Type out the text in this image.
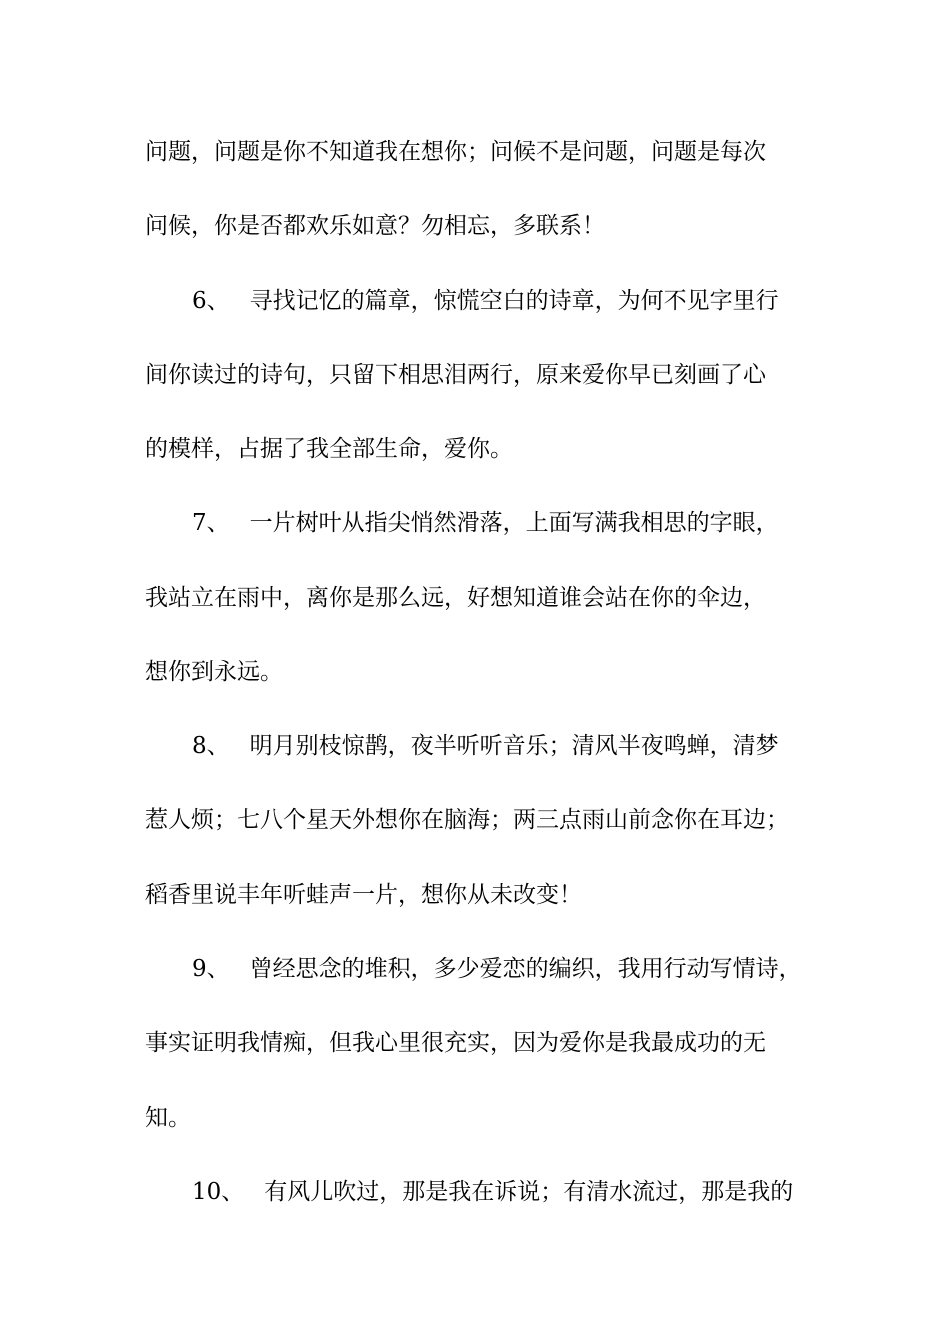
问题，问题是你不知道我在想你；问候不是问题，问题是每次
问候，你是否都欢乐如意？勿相忘，多联系！
6、 寻找记忆的篇章，惊慌空白的诗章，为何不见字里行
间你读过的诗句，只留下相思泪两行，原来爱你早已刻画了心
的模样，占据了我全部生命，爱你。
7、 一片树叶从指尖悄然滑落，上面写满我相思的字眼，
我站立在雨中，离你是那么远，好想知道谁会站在你的伞边，
想你到永远。
8、 明月别枝惊鹊，夜半听听音乐；清风半夜鸣蝉，清梦
惹人烦；七八个星天外想你在脑海；两三点雨山前念你在耳边；
稻香里说丰年听蛙声一片，想你从未改变！
9、 曾经思念的堆积，多少爱恋的编织，我用行动写情诗，
事实证明我情痴，但我心里很充实，因为爱你是我最成功的无
知。
10、 有风儿吹过，那是我在诉说；有清水流过，那是我的
